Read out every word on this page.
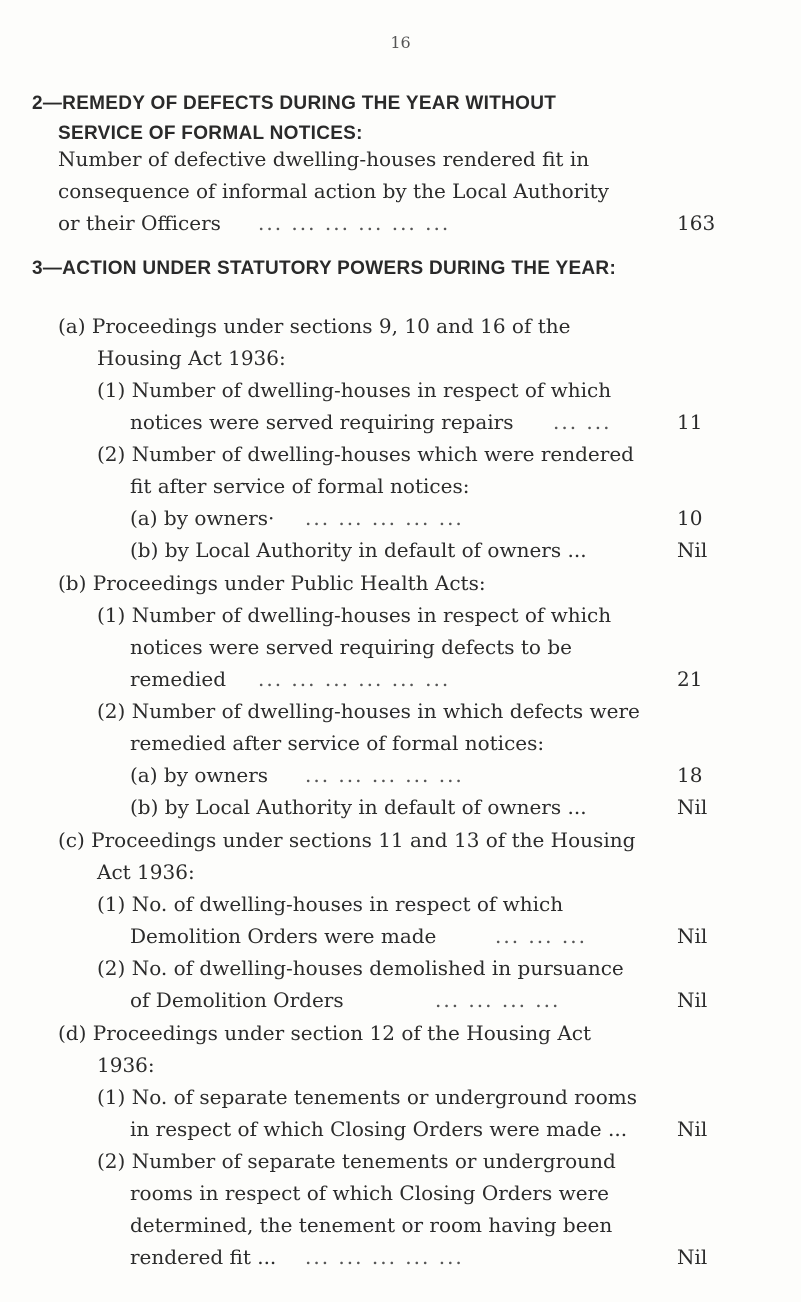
16
2—REMEDY OF DEFECTS DURING THE YEAR WITHOUT
SERVICE OF FORMAL NOTICES:
Number of defective dwelling-houses rendered fit in
consequence of informal action by the Local Authority
or their Officers ... ... ... ... ... ...	163
3—ACTION UNDER STATUTORY POWERS DURING THE YEAR:
(a) Proceedings under sections 9, 10 and 16 of the
Housing Act 1936:
(1) Number of dwelling-houses in respect of which
notices were served requiring repairs ... ...	11
(2) Number of dwelling-houses which were rendered
fit after service of formal notices:
(a) by owners· ... ... ... ... ...	10
(b) by Local Authority in default of owners ...	Nil
(b) Proceedings under Public Health Acts:
(1) Number of dwelling-houses in respect of which
notices were served requiring defects to be
remedied ... ... ... ... ... ...	21
(2) Number of dwelling-houses in which defects were
remedied after service of formal notices:
(a) by owners ... ... ... ... ...	18
(b) by Local Authority in default of owners ...	Nil
(c) Proceedings under sections 11 and 13 of the Housing
Act 1936:
(1) No. of dwelling-houses in respect of which
Demolition Orders were made	... ... ...	Nil
(2) No. of dwelling-houses demolished in pursuance
of Demolition Orders	... ... ... ...	Nil
(d) Proceedings under section 12 of the Housing Act
1936:
(1) No. of separate tenements or underground rooms
in respect of which Closing Orders were made ... Nil
(2) Number of separate tenements or underground
rooms in respect of which Closing Orders were
determined, the tenement or room having been
rendered fit ... ... ... ... ... ...	Nil
